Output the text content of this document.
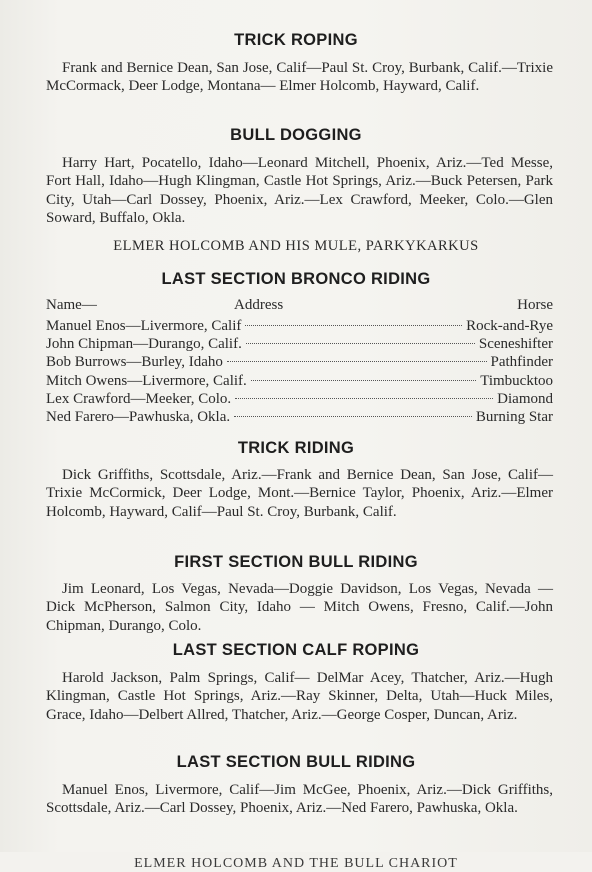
TRICK ROPING

Frank and Bernice Dean, San Jose, Calif—Paul St. Croy, Burbank, Calif.—Trixie McCormack, Deer Lodge, Montana— Elmer Holcomb, Hayward, Calif.

BULL DOGGING

Harry Hart, Pocatello, Idaho—Leonard Mitchell, Phoenix, Ariz.—Ted Messe, Fort Hall, Idaho—Hugh Klingman, Castle Hot Springs, Ariz.—Buck Petersen, Park City, Utah—Carl Dossey, Phoenix, Ariz.—Lex Crawford, Meeker, Colo.—Glen Soward, Buffalo, Okla.

ELMER HOLCOMB AND HIS MULE, PARKYKARKUS

LAST SECTION BRONCO RIDING
Name—	Address	Horse
Manuel Enos—Livermore, Calif	Rock-and-Rye
John Chipman—Durango, Calif.	Sceneshifter
Bob Burrows—Burley, Idaho	Pathfinder
Mitch Owens—Livermore, Calif.	Timbucktoo
Lex Crawford—Meeker, Colo.	Diamond
Ned Farero—Pawhuska, Okla.	Burning Star
TRICK RIDING

Dick Griffiths, Scottsdale, Ariz.—Frank and Bernice Dean, San Jose, Calif—Trixie McCormick, Deer Lodge, Mont.—Bernice Taylor, Phoenix, Ariz.—Elmer Holcomb, Hayward, Calif—Paul St. Croy, Burbank, Calif.

FIRST SECTION BULL RIDING

Jim Leonard, Los Vegas, Nevada—Doggie Davidson, Los Vegas, Nevada — Dick McPherson, Salmon City, Idaho — Mitch Owens, Fresno, Calif.—John Chipman, Durango, Colo.

LAST SECTION CALF ROPING

Harold Jackson, Palm Springs, Calif— DelMar Acey, Thatcher, Ariz.—Hugh Klingman, Castle Hot Springs, Ariz.—Ray Skinner, Delta, Utah—Huck Miles, Grace, Idaho—Delbert Allred, Thatcher, Ariz.—George Cosper, Duncan, Ariz.

LAST SECTION BULL RIDING

Manuel Enos, Livermore, Calif—Jim McGee, Phoenix, Ariz.—Dick Griffiths, Scottsdale, Ariz.—Carl Dossey, Phoenix, Ariz.—Ned Farero, Pawhuska, Okla.

ELMER HOLCOMB AND THE BULL CHARIOT
